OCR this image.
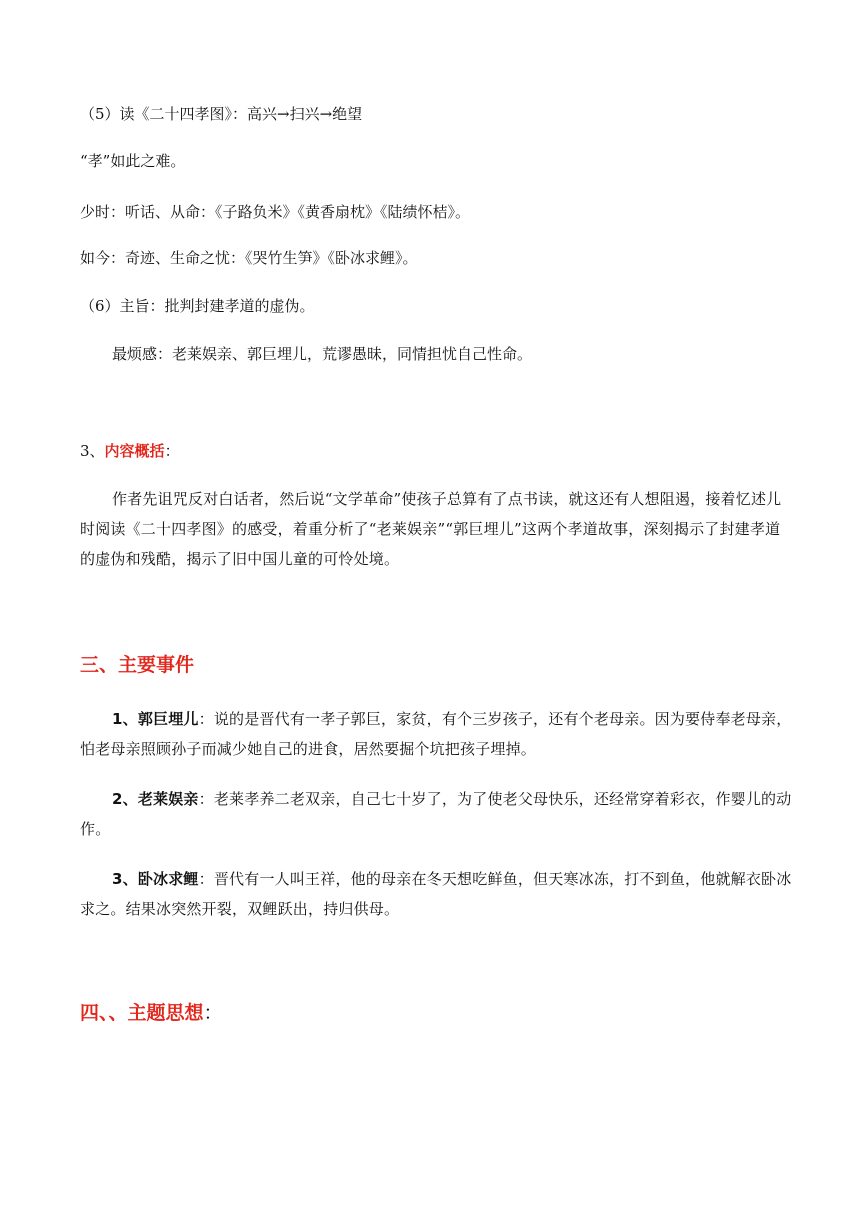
（5）读《二十四孝图》：高兴→扫兴→绝望
“孝”如此之难。
少时：听话、从命：《子路负米》《黄香扇枕》《陆绩怀桔》。
如今：奇迹、生命之忧：《哭竹生笋》《卧冰求鲤》。
（6）主旨：批判封建孝道的虚伪。
最烦感：老莱娱亲、郭巨埋儿，荒谬愚昧，同情担忧自己性命。
3、内容概括：

作者先诅咒反对白话者，然后说“文学革命”使孩子总算有了点书读，就这还有人想阻遏，接着忆述儿时阅读《二十四孝图》的感受，着重分析了“老莱娱亲”“郭巨埋儿”这两个孝道故事，深刻揭示了封建孝道的虚伪和残酷，揭示了旧中国儿童的可怜处境。

三、主要事件

1、郭巨埋儿：说的是晋代有一孝子郭巨，家贫，有个三岁孩子，还有个老母亲。因为要侍奉老母亲，怕老母亲照顾孙子而减少她自己的进食，居然要掘个坑把孩子埋掉。

2、老莱娱亲：老莱孝养二老双亲，自己七十岁了，为了使老父母快乐，还经常穿着彩衣，作婴儿的动作。

3、卧冰求鲤：晋代有一人叫王祥，他的母亲在冬天想吃鲜鱼，但天寒冰冻，打不到鱼，他就解衣卧冰求之。结果冰突然开裂，双鲤跃出，持归供母。

四、、主题思想：
